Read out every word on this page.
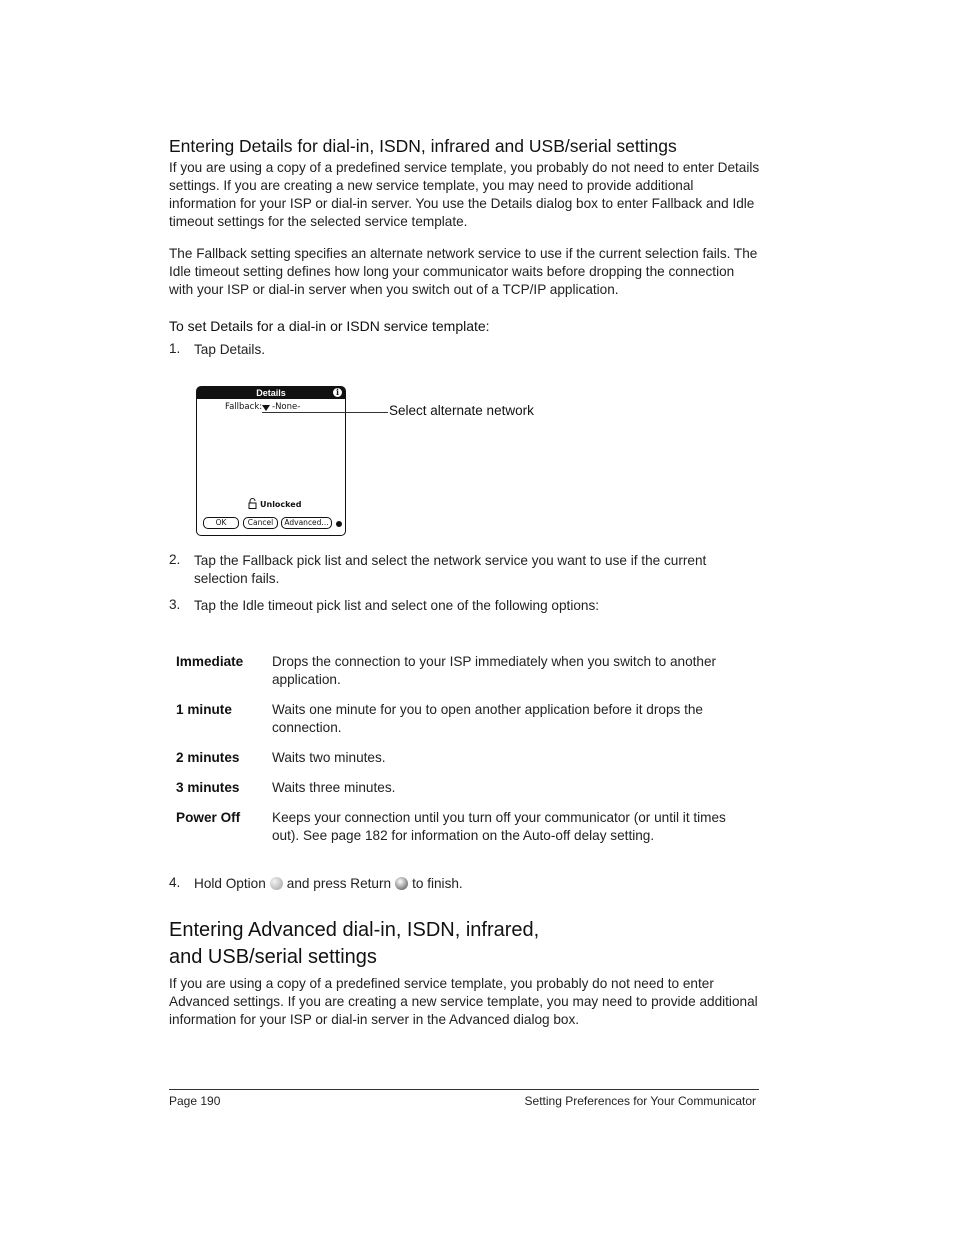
Entering Details for dial-in, ISDN, infrared and USB/serial settings
If you are using a copy of a predefined service template, you probably do not need to enter Details settings. If you are creating a new service template, you may need to provide additional information for your ISP or dial-in server. You use the Details dialog box to enter Fallback and Idle timeout settings for the selected service template.
The Fallback setting specifies an alternate network service to use if the current selection fails. The Idle timeout setting defines how long your communicator waits before dropping the connection with your ISP or dial-in server when you switch out of a TCP/IP application.
To set Details for a dial-in or ISDN service template:
1. Tap Details.
Details	i
Fallback: -None-
Unlocked
OK	Cancel	Advanced...
Select alternate network
2. Tap the Fallback pick list and select the network service you want to use if the current selection fails.
3. Tap the Idle timeout pick list and select one of the following options:
Immediate Drops the connection to your ISP immediately when you switch to another application.
1 minute	Waits one minute for you to open another application before it drops the connection.
2 minutes Waits two minutes.
3 minutes Waits three minutes.
Power Off Keeps your connection until you turn off your communicator (or until it times out). See page 182 for information on the Auto-off delay setting.
4. Hold Option and press Return to finish.
Entering Advanced dial-in, ISDN, infrared,
and USB/serial settings
If you are using a copy of a predefined service template, you probably do not need to enter Advanced settings. If you are creating a new service template, you may need to provide additional information for your ISP or dial-in server in the Advanced dialog box.
Page 190	Setting Preferences for Your Communicator
